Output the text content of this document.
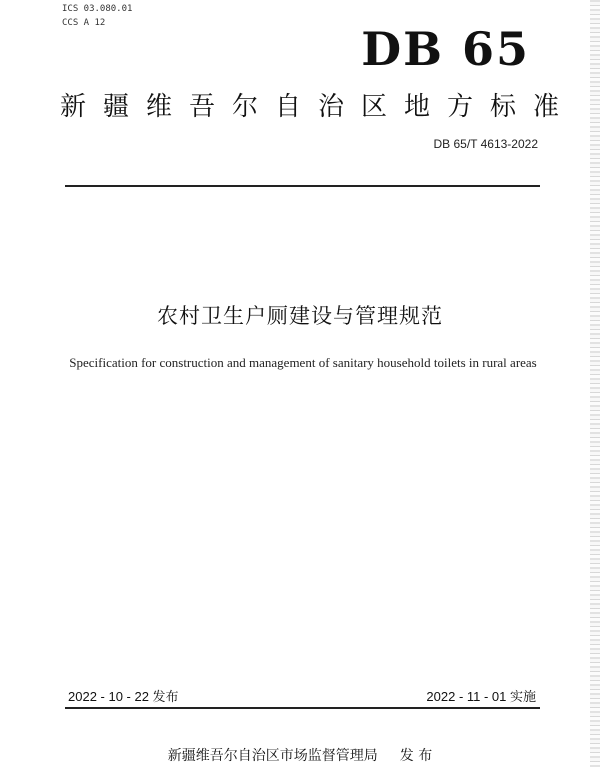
ICS 03.080.01
CCS A 12	DB 65
新疆维吾尔自治区地方标准
DB 65/T 4613-2022
农村卫生户厕建设与管理规范
Specification for construction and management of sanitary household toilets in rural areas
2022 - 10 - 22 发布	2022 - 11 - 01 实施
新疆维吾尔自治区市场监督管理局 发 布
